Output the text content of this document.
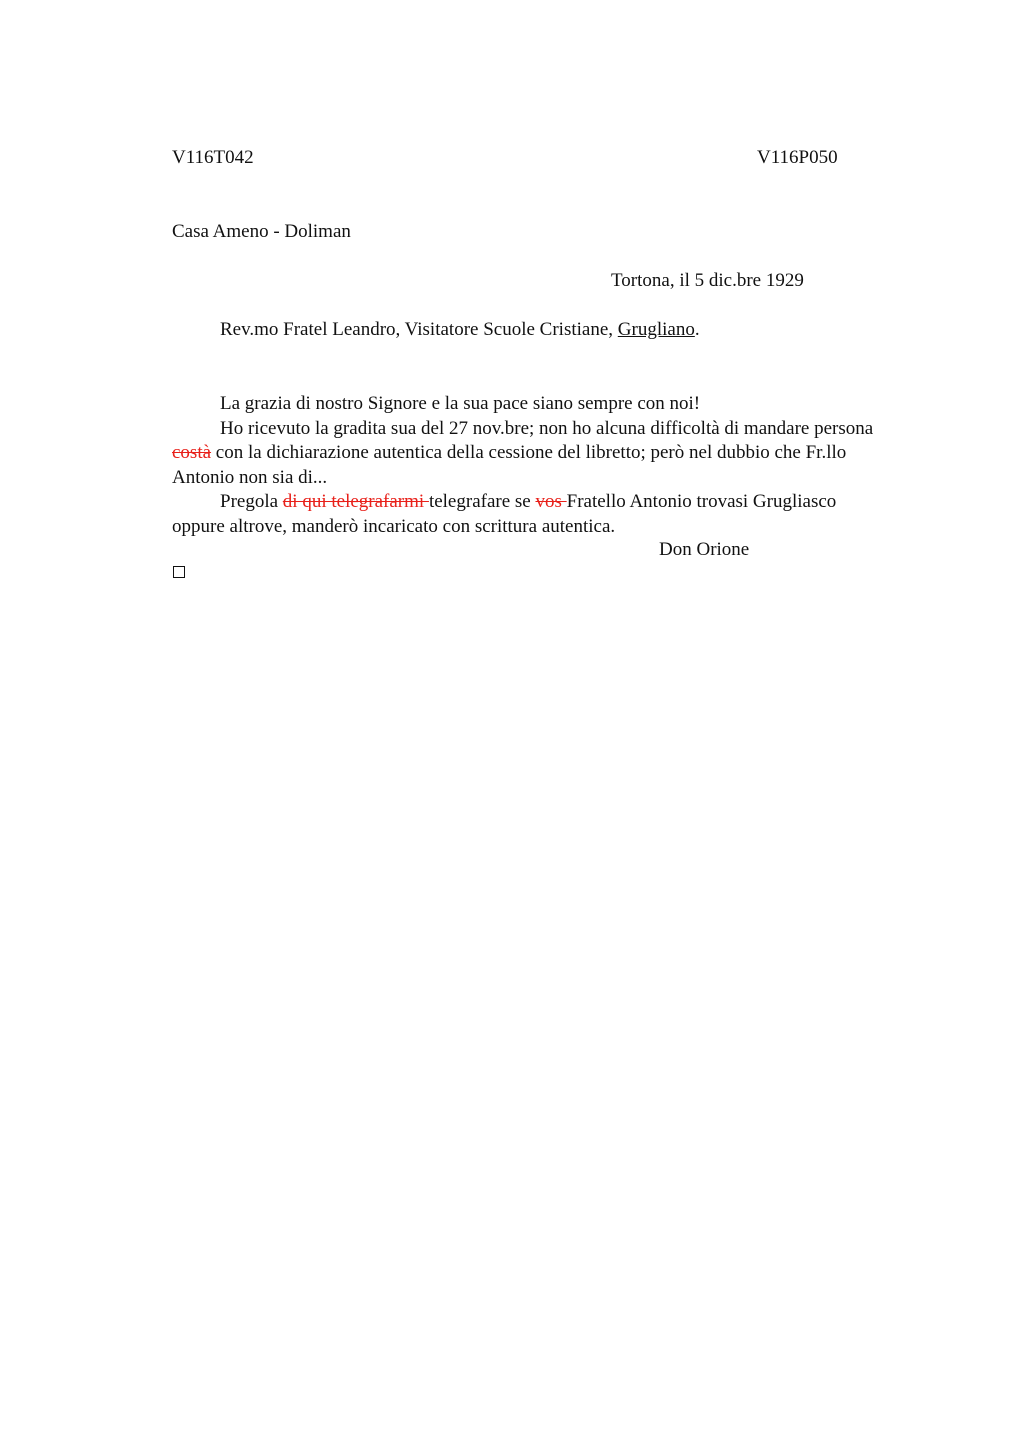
V116T042	V116P050
Casa Ameno - Doliman
Tortona, il 5 dic.bre 1929
Rev.mo Fratel Leandro, Visitatore Scuole Cristiane, Grugliano.

La grazia di nostro Signore e la sua pace siano sempre con noi!

Ho ricevuto la gradita sua del 27 nov.bre; non ho alcuna difficoltà di mandare persona costà con la dichiarazione autentica della cessione del libretto; però nel dubbio che Fr.llo Antonio non sia di...

Pregola di qui telegrafarmi telegrafare se vos Fratello Antonio trovasi Grugliasco oppure altrove, manderò incaricato con scrittura autentica.

Don Orione
